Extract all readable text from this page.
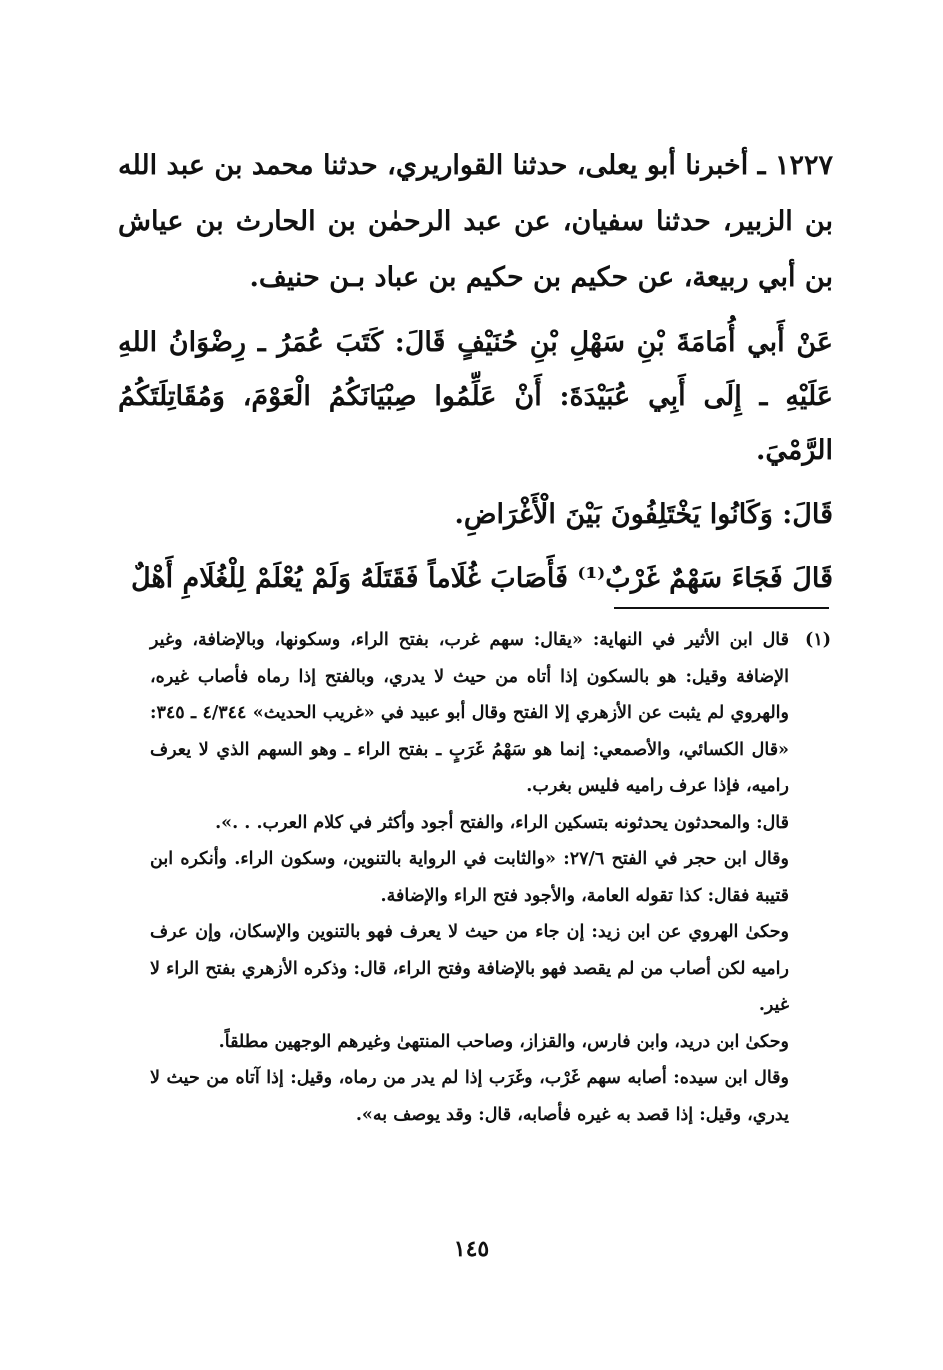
١٢٢٧ ـ أخبرنا أبو يعلى، حدثنا القواريري، حدثنا محمد بن عبد الله بن الزبير، حدثنا سفيان، عن عبد الرحمٰن بن الحارث بن عياش بن أبي ربيعة، عن حكيم بن حكيم بن عباد بـن حنيف.

عَنْ أَبي أُمَامَةَ بْنِ سَهْلِ بْنِ حُنَيْفٍ قَالَ: كَتَبَ عُمَرُ ـ رِضْوَانُ اللهِ عَلَيْهِ ـ إِلَى أَبِي عُبَيْدَةَ: أَنْ عَلِّمُوا صِبْيَانَكُمُ الْعَوْمَ، وَمُقَاتِلَتَكُمُ الرَّمْيَ.

قَالَ: وَكَانُوا يَخْتَلِفُونَ بَيْنَ الْأَغْرَاضِ.

قَالَ فَجَاءَ سَهْمٌ غَرْبٌ⁽¹⁾ فَأَصَابَ غُلَاماً فَقَتَلَهُ وَلَمْ يُعْلَمْ لِلْغُلَامِ أَهْلٌ

(١)قال ابن الأثير في النهاية: «يقال: سهم غرب، بفتح الراء، وسكونها، وبالإضافة، وغير الإضافة وقيل: هو بالسكون إذا أتاه من حيث لا يدري، وبالفتح إذا رماه فأصاب غيره، والهروي لم يثبت عن الأزهري إلا الفتح وقال أبو عبيد في «غريب الحديث» ٤/٣٤٤ ـ ٣٤٥: «قال الكسائي، والأصمعي: إنما هو سَهْمُ غَرَبٍ ـ بفتح الراء ـ وهو السهم الذي لا يعرف راميه، فإذا عرف راميه فليس بغرب.

قال: والمحدثون يحدثونه بتسكين الراء، والفتح أجود وأكثر في كلام العرب. . .».

وقال ابن حجر في الفتح ٢٧/٦: «والثابت في الرواية بالتنوين، وسكون الراء. وأنكره ابن قتيبة فقال: كذا تقوله العامة، والأجود فتح الراء والإضافة.

وحكىٰ الهروي عن ابن زيد: إن جاء من حيث لا يعرف فهو بالتنوين والإسكان، وإن عرف راميه لكن أصاب من لم يقصد فهو بالإضافة وفتح الراء، قال: وذكره الأزهري بفتح الراء لا غير.

وحكىٰ ابن دريد، وابن فارس، والقزاز، وصاحب المنتهىٰ وغيرهم الوجهين مطلقاً.

وقال ابن سيده: أصابه سهم غَرْب، وغَرَب إذا لم يدر من رماه، وقيل: إذا آتاه من حيث لا يدري، وقيل: إذا قصد به غيره فأصابه، قال: وقد يوصف به».

١٤٥
